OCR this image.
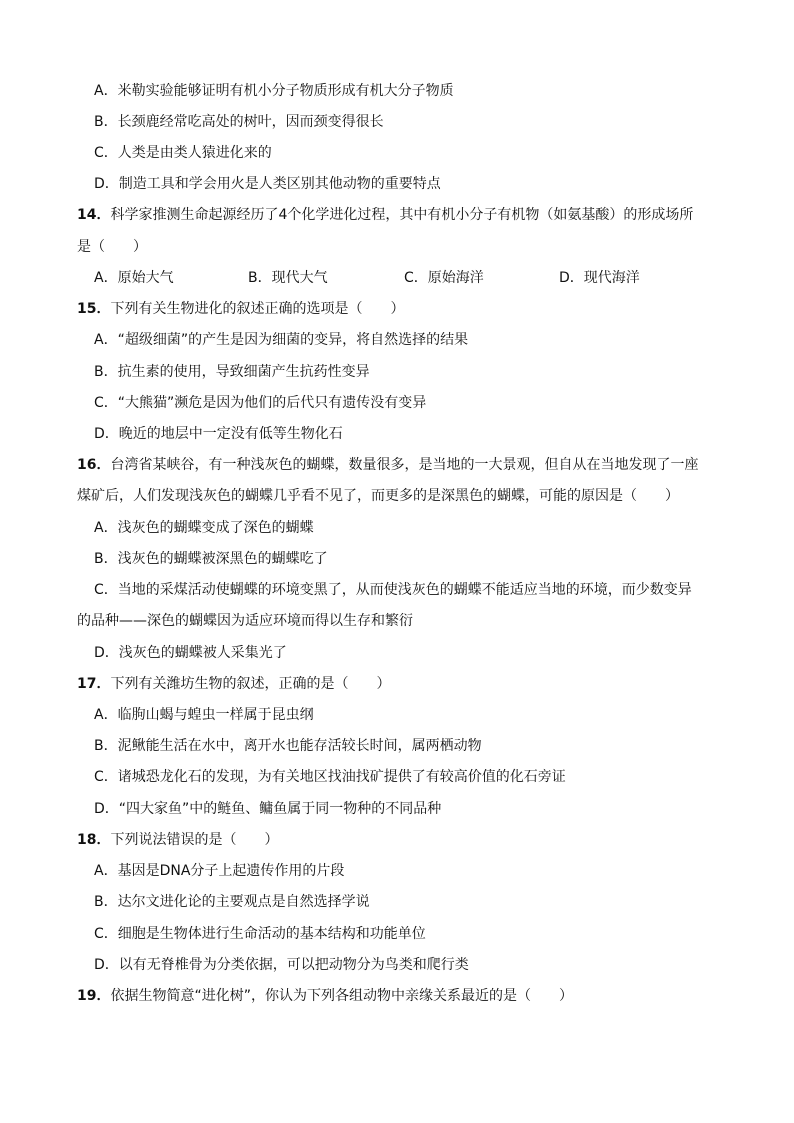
A．米勒实验能够证明有机小分子物质形成有机大分子物质
B．长颈鹿经常吃高处的树叶，因而颈变得很长
C．人类是由类人猿进化来的
D．制造工具和学会用火是人类区别其他动物的重要特点
14．科学家推测生命起源经历了4个化学进化过程，其中有机小分子有机物（如氨基酸）的形成场所
是（　　）
A．原始大气	B．现代大气	C．原始海洋	D．现代海洋
15．下列有关生物进化的叙述正确的选项是（　　）
A．“超级细菌”的产生是因为细菌的变异，将自然选择的结果
B．抗生素的使用，导致细菌产生抗药性变异
C．“大熊猫”濒危是因为他们的后代只有遗传没有变异
D．晚近的地层中一定没有低等生物化石
16．台湾省某峡谷，有一种浅灰色的蝴蝶，数量很多，是当地的一大景观，但自从在当地发现了一座
煤矿后，人们发现浅灰色的蝴蝶几乎看不见了，而更多的是深黑色的蝴蝶，可能的原因是（　　）
A．浅灰色的蝴蝶变成了深色的蝴蝶
B．浅灰色的蝴蝶被深黑色的蝴蝶吃了
C．当地的采煤活动使蝴蝶的环境变黑了，从而使浅灰色的蝴蝶不能适应当地的环境，而少数变异
的品种——深色的蝴蝶因为适应环境而得以生存和繁衍
D．浅灰色的蝴蝶被人采集光了
17．下列有关潍坊生物的叙述，正确的是（　　）
A．临朐山蝎与蝗虫一样属于昆虫纲
B．泥鳅能生活在水中，离开水也能存活较长时间，属两栖动物
C．诸城恐龙化石的发现，为有关地区找油找矿提供了有较高价值的化石旁证
D．“四大家鱼”中的鲢鱼、鳙鱼属于同一物种的不同品种
18．下列说法错误的是（　　）
A．基因是DNA分子上起遗传作用的片段
B．达尔文进化论的主要观点是自然选择学说
C．细胞是生物体进行生命活动的基本结构和功能单位
D．以有无脊椎骨为分类依据，可以把动物分为鸟类和爬行类
19．依据生物简意“进化树”，你认为下列各组动物中亲缘关系最近的是（　　）
